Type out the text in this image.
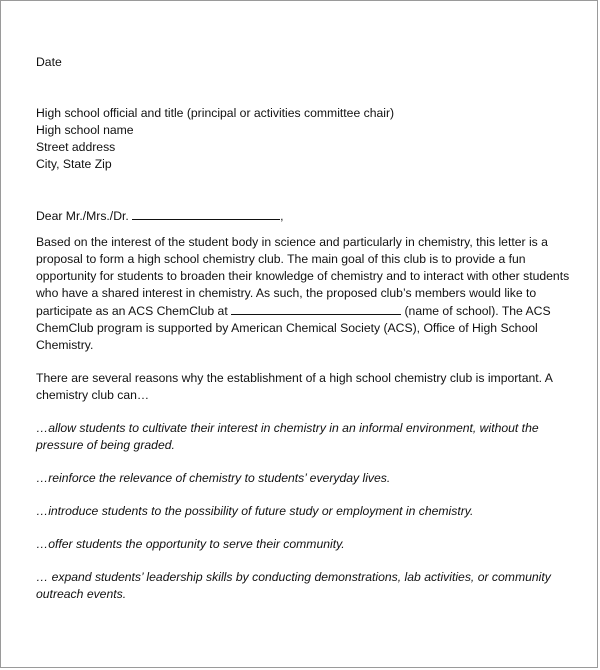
Date

High school official and title (principal or activities committee chair)
High school name
Street address
City, State Zip

Dear Mr./Mrs./Dr.	,

Based on the interest of the student body in science and particularly in chemistry, this letter is a proposal to form a high school chemistry club. The main goal of this club is to provide a fun opportunity for students to broaden their knowledge of chemistry and to interact with other students who have a shared interest in chemistry. As such, the proposed club’s members would like to participate as an ACS ChemClub at	(name of school). The ACS ChemClub program is supported by American Chemical Society (ACS), Office of High School Chemistry.

There are several reasons why the establishment of a high school chemistry club is important. A chemistry club can…

…allow students to cultivate their interest in chemistry in an informal environment, without the pressure of being graded.

…reinforce the relevance of chemistry to students’ everyday lives.

…introduce students to the possibility of future study or employment in chemistry.

…offer students the opportunity to serve their community.

… expand students’ leadership skills by conducting demonstrations, lab activities, or community outreach events.
